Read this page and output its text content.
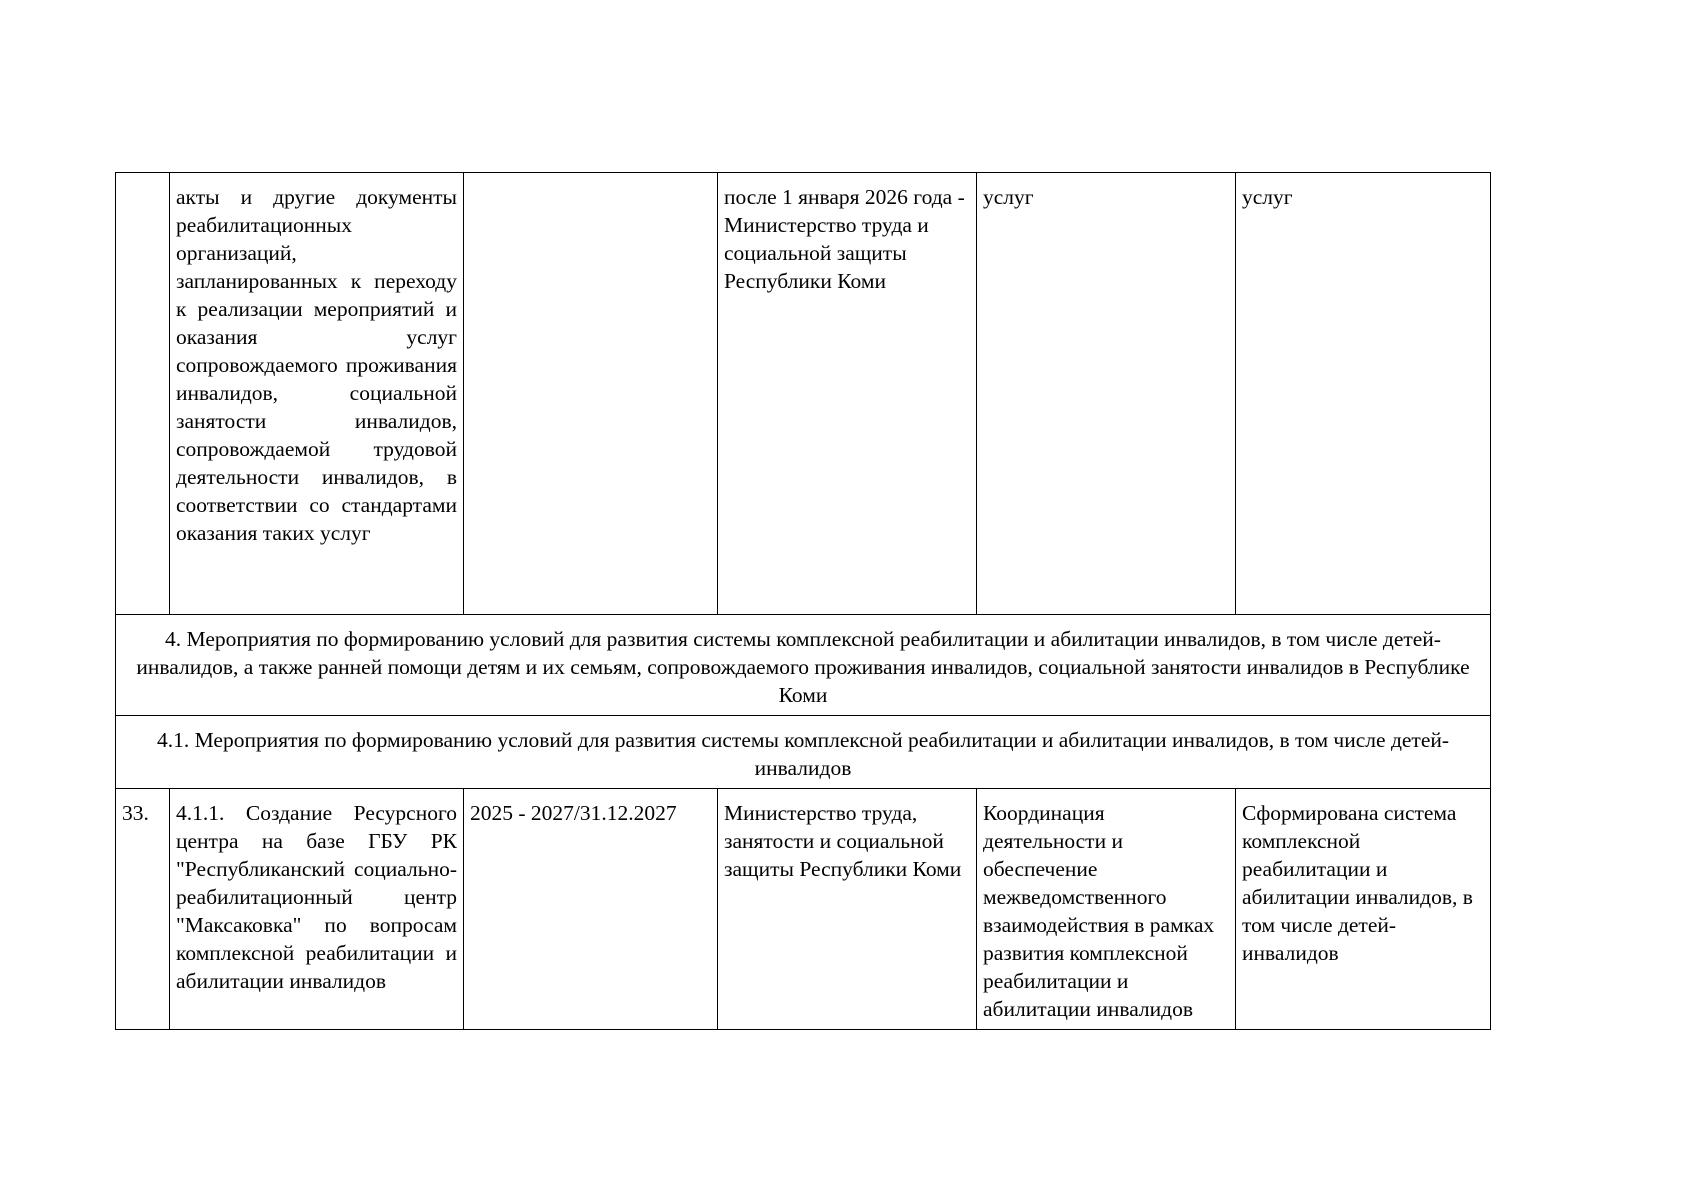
	акты и другие документы реабилитационных организаций, запланированных к переходу к реализации мероприятий и оказания услуг сопровождаемого проживания инвалидов, социальной занятости инвалидов, сопровождаемой трудовой деятельности инвалидов, в соответствии со стандартами оказания таких услуг		после 1 января 2026 года - Министерство труда и социальной защиты Республики Коми	услуг	услуг
4. Мероприятия по формированию условий для развития системы комплексной реабилитации и абилитации инвалидов, в том числе детей-инвалидов, а также ранней помощи детям и их семьям, сопровождаемого проживания инвалидов, социальной занятости инвалидов в Республике Коми					
4.1. Мероприятия по формированию условий для развития системы комплексной реабилитации и абилитации инвалидов, в том числе детей-инвалидов					
33.	4.1.1. Создание Ресурсного центра на базе ГБУ РК "Республиканский социально-реабилитационный центр "Максаковка" по вопросам комплексной реабилитации и абилитации инвалидов	2025 - 2027/31.12.2027	Министерство труда, занятости и социальной защиты Республики Коми	Координация деятельности и обеспечение межведомственного взаимодействия в рамках развития комплексной реабилитации и абилитации инвалидов	Сформирована система комплексной реабилитации и абилитации инвалидов, в том числе детей-инвалидов
